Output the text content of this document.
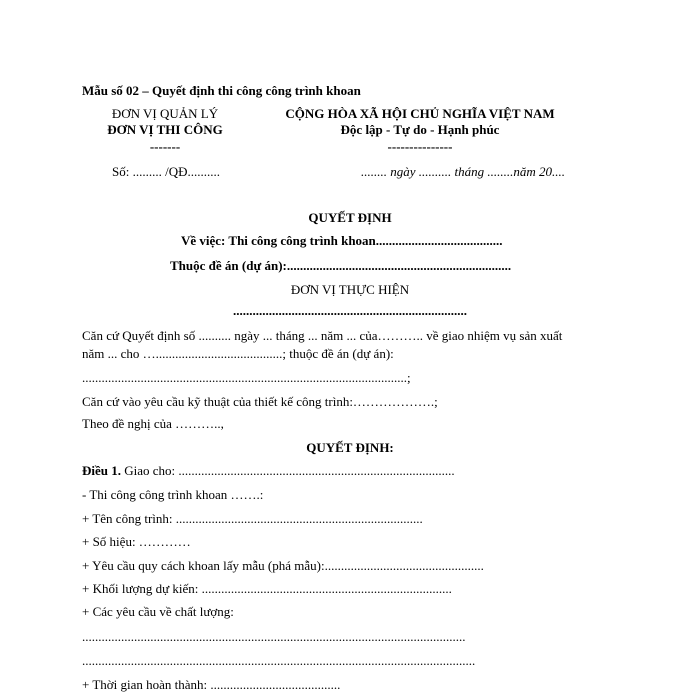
Mẫu số 02 – Quyết định thi công công trình khoan
ĐƠN VỊ QUẢN LÝ
ĐƠN VỊ THI CÔNG
-------
Số: ......... /QĐ..........
CỘNG HÒA XÃ HỘI CHỦ NGHĨA VIỆT NAM
Độc lập - Tự do - Hạnh phúc
---------------
........ ngày .......... tháng ........năm 20....
QUYẾT ĐỊNH
Về việc: Thi công công trình khoan.......................................
Thuộc đề án (dự án):.....................................................................
ĐƠN VỊ THỰC HIỆN
........................................................................
Căn cứ Quyết định số .......... ngày ... tháng ... năm ... của……….. về giao nhiệm vụ sản xuất
năm ... cho ….......................................; thuộc đề án (dự án):
....................................................................................................;
Căn cứ vào yêu cầu kỹ thuật của thiết kế công trình:……………….;
Theo đề nghị của ………..,
QUYẾT ĐỊNH:
Điều 1. Giao cho: .....................................................................................
- Thi công công trình khoan …….:
+ Tên công trình: ............................................................................
+ Số hiệu: …………
+ Yêu cầu quy cách khoan lấy mẫu (phá mẫu):.................................................
+ Khối lượng dự kiến: .............................................................................
+ Các yêu cầu về chất lượng:
......................................................................................................................
.........................................................................................................................
+ Thời gian hoàn thành: ........................................
